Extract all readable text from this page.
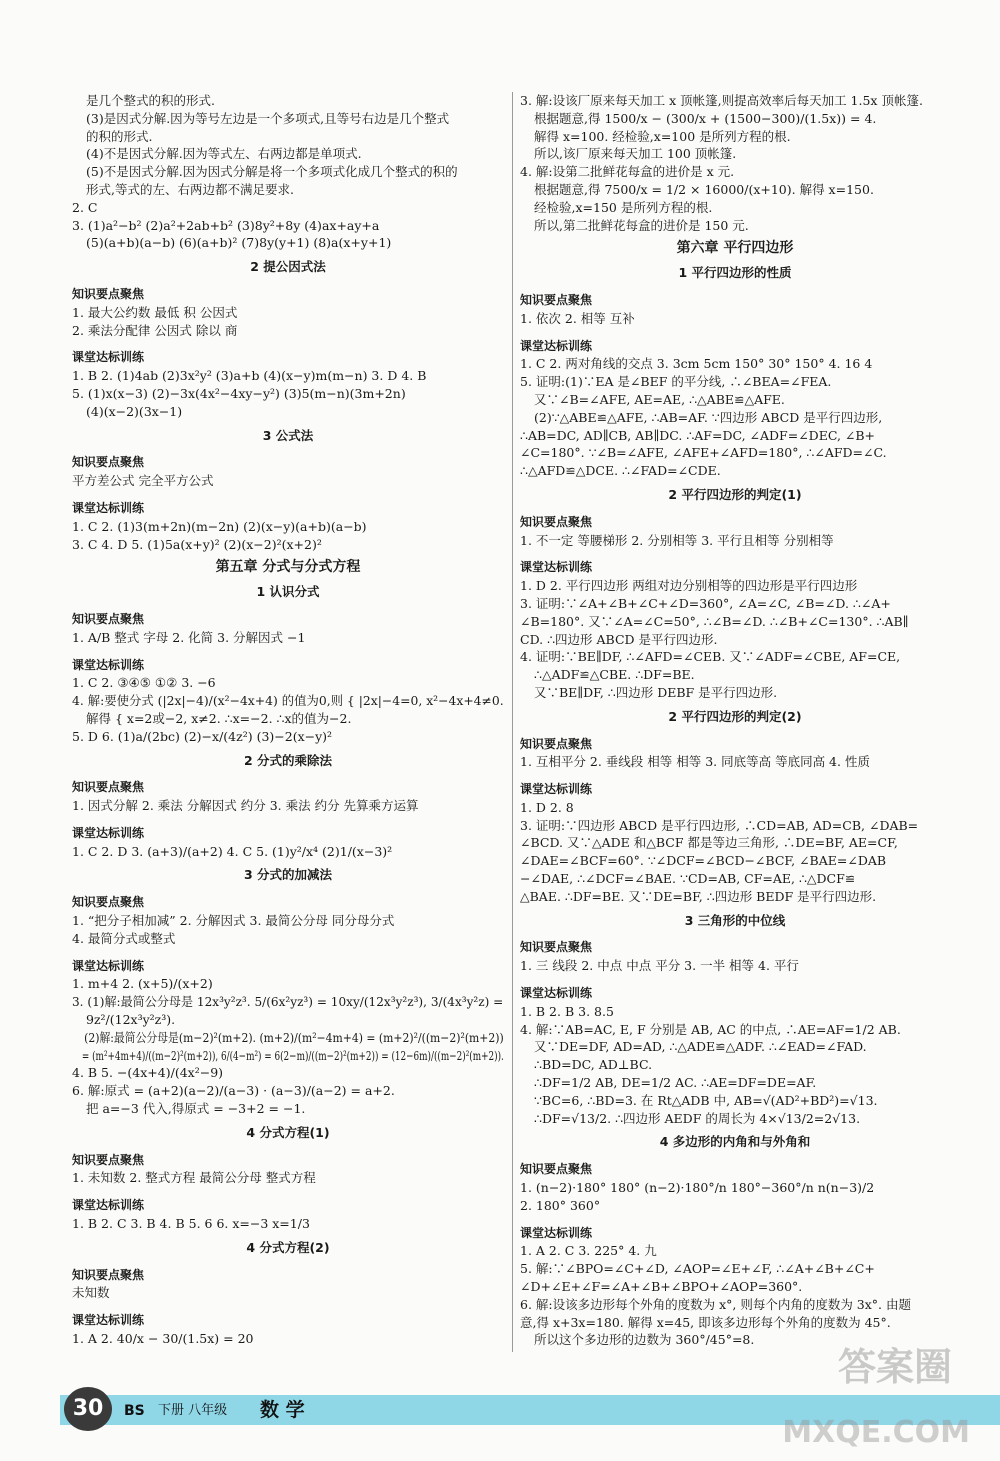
是几个整式的积的形式.

(3)是因式分解.因为等号左边是一个多项式,且等号右边是几个整式

的积的形式.

(4)不是因式分解.因为等式左、右两边都是单项式.

(5)不是因式分解.因为因式分解是将一个多项式化成几个整式的积的

形式,等式的左、右两边都不满足要求.

2. C

3. (1)a²−b² (2)a²+2ab+b² (3)8y²+8y (4)ax+ay+a

(5)(a+b)(a−b) (6)(a+b)² (7)8y(y+1) (8)a(x+y+1)

2 提公因式法

知识要点聚焦

1. 最大公约数 最低 积 公因式

2. 乘法分配律 公因式 除以 商

课堂达标训练

1. B 2. (1)4ab (2)3x²y² (3)a+b (4)(x−y)m(m−n) 3. D 4. B

5. (1)x(x−3) (2)−3x(4x²−4xy−y²) (3)5(m−n)(3m+2n)

(4)(x−2)(3x−1)

3 公式法

知识要点聚焦

平方差公式 完全平方公式

课堂达标训练

1. C 2. (1)3(m+2n)(m−2n) (2)(x−y)(a+b)(a−b)

3. C 4. D 5. (1)5a(x+y)² (2)(x−2)²(x+2)²

第五章 分式与分式方程

1 认识分式

知识要点聚焦

1. A/B 整式 字母 2. 化简 3. 分解因式 −1

课堂达标训练

1. C 2. ③④⑤ ①② 3. −6

4. 解:要使分式 (|2x|−4)/(x²−4x+4) 的值为0,则 { |2x|−4=0, x²−4x+4≠0.

解得 { x=2或−2, x≠2. ∴x=−2. ∴x的值为−2.

5. D 6. (1)a/(2bc) (2)−x/(4z²) (3)−2(x−y)²

2 分式的乘除法

知识要点聚焦

1. 因式分解 2. 乘法 分解因式 约分 3. 乘法 约分 先算乘方运算

课堂达标训练

1. C 2. D 3. (a+3)/(a+2) 4. C 5. (1)y²/x⁴ (2)1/(x−3)²

3 分式的加减法

知识要点聚焦

1. “把分子相加减” 2. 分解因式 3. 最简公分母 同分母分式

4. 最简分式或整式

课堂达标训练

1. m+4 2. (x+5)/(x+2)

3. (1)解:最简公分母是 12x³y²z³. 5/(6x²yz³) = 10xy/(12x³y²z³), 3/(4x³y²z) =

9z²/(12x³y²z³).

(2)解:最简公分母是(m−2)²(m+2). (m+2)/(m²−4m+4) = (m+2)²/((m−2)²(m+2))

= (m²+4m+4)/((m−2)²(m+2)), 6/(4−m²) = 6(2−m)/((m−2)²(m+2)) = (12−6m)/((m−2)²(m+2)).

4. B 5. −(4x+4)/(4x²−9)

6. 解:原式 = (a+2)(a−2)/(a−3) · (a−3)/(a−2) = a+2.

把 a=−3 代入,得原式 = −3+2 = −1.

4 分式方程(1)

知识要点聚焦

1. 未知数 2. 整式方程 最简公分母 整式方程

课堂达标训练

1. B 2. C 3. B 4. B 5. 6 6. x=−3 x=1/3

4 分式方程(2)

知识要点聚焦

未知数

课堂达标训练

1. A 2. 40/x − 30/(1.5x) = 20

3. 解:设该厂原来每天加工 x 顶帐篷,则提高效率后每天加工 1.5x 顶帐篷.

根据题意,得 1500/x − (300/x + (1500−300)/(1.5x)) = 4.

解得 x=100. 经检验,x=100 是所列方程的根.

所以,该厂原来每天加工 100 顶帐篷.

4. 解:设第二批鲜花每盒的进价是 x 元.

根据题意,得 7500/x = 1/2 × 16000/(x+10). 解得 x=150.

经检验,x=150 是所列方程的根.

所以,第二批鲜花每盒的进价是 150 元.

第六章 平行四边形

1 平行四边形的性质

知识要点聚焦

1. 依次 2. 相等 互补

课堂达标训练

1. C 2. 两对角线的交点 3. 3cm 5cm 150° 30° 150° 4. 16 4

5. 证明:(1)∵EA 是∠BEF 的平分线, ∴∠BEA=∠FEA.

又∵∠B=∠AFE, AE=AE, ∴△ABE≌△AFE.

(2)∵△ABE≌△AFE, ∴AB=AF. ∵四边形 ABCD 是平行四边形,

∴AB=DC, AD∥CB, AB∥DC. ∴AF=DC, ∠ADF=∠DEC, ∠B+

∠C=180°. ∵∠B=∠AFE, ∠AFE+∠AFD=180°, ∴∠AFD=∠C.

∴△AFD≌△DCE. ∴∠FAD=∠CDE.

2 平行四边形的判定(1)

知识要点聚焦

1. 不一定 等腰梯形 2. 分别相等 3. 平行且相等 分别相等

课堂达标训练

1. D 2. 平行四边形 两组对边分别相等的四边形是平行四边形

3. 证明:∵∠A+∠B+∠C+∠D=360°, ∠A=∠C, ∠B=∠D. ∴∠A+

∠B=180°. 又∵∠A=∠C=50°, ∴∠B=∠D. ∴∠B+∠C=130°. ∴AB∥

CD. ∴四边形 ABCD 是平行四边形.

4. 证明:∵BE∥DF, ∴∠AFD=∠CEB. 又∵∠ADF=∠CBE, AF=CE,

∴△ADF≌△CBE. ∴DF=BE.

又∵BE∥DF, ∴四边形 DEBF 是平行四边形.

2 平行四边形的判定(2)

知识要点聚焦

1. 互相平分 2. 垂线段 相等 相等 3. 同底等高 等底同高 4. 性质

课堂达标训练

1. D 2. 8

3. 证明:∵四边形 ABCD 是平行四边形, ∴CD=AB, AD=CB, ∠DAB=

∠BCD. 又∵△ADE 和△BCF 都是等边三角形, ∴DE=BF, AE=CF,

∠DAE=∠BCF=60°. ∵∠DCF=∠BCD−∠BCF, ∠BAE=∠DAB

−∠DAE, ∴∠DCF=∠BAE. ∵CD=AB, CF=AE, ∴△DCF≌

△BAE. ∴DF=BE. 又∵DE=BF, ∴四边形 BEDF 是平行四边形.

3 三角形的中位线

知识要点聚焦

1. 三 线段 2. 中点 中点 平分 3. 一半 相等 4. 平行

课堂达标训练

1. B 2. B 3. 8.5

4. 解:∵AB=AC, E, F 分别是 AB, AC 的中点, ∴AE=AF=1/2 AB.

又∵DE=DF, AD=AD, ∴△ADE≌△ADF. ∴∠EAD=∠FAD.

∴BD=DC, AD⊥BC.

∴DF=1/2 AB, DE=1/2 AC. ∴AE=DF=DE=AF.

∵BC=6, ∴BD=3. 在 Rt△ADB 中, AB=√(AD²+BD²)=√13.

∴DF=√13/2. ∴四边形 AEDF 的周长为 4×√13/2=2√13.

4 多边形的内角和与外角和

知识要点聚焦

1. (n−2)·180° 180° (n−2)·180°/n 180°−360°/n n(n−3)/2

2. 180° 360°

课堂达标训练

1. A 2. C 3. 225° 4. 九

5. 解:∵∠BPO=∠C+∠D, ∠AOP=∠E+∠F, ∴∠A+∠B+∠C+

∠D+∠E+∠F=∠A+∠B+∠BPO+∠AOP=360°.

6. 解:设该多边形每个外角的度数为 x°, 则每个内角的度数为 3x°. 由题

意,得 x+3x=180. 解得 x=45, 即该多边形每个外角的度数为 45°.

所以这个多边形的边数为 360°/45°=8.

30	BS 下册 八年级 数 学
答案圈
MXQE.COM
